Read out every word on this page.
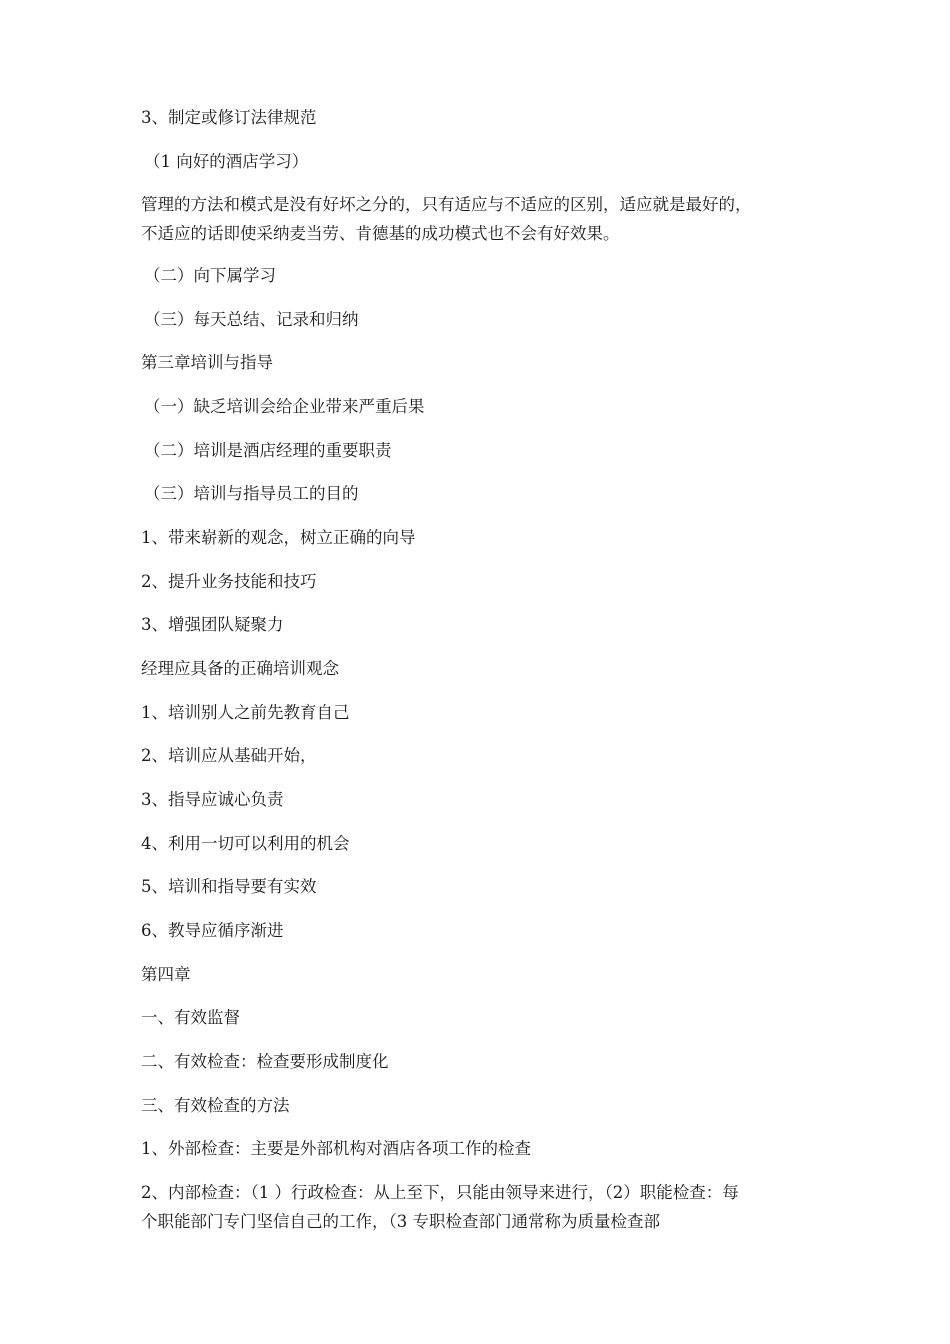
3、制定或修订法律规范
（1 向好的酒店学习）
管理的方法和模式是没有好坏之分的，只有适应与不适应的区别，适应就是最好的，
不适应的话即使采纳麦当劳、肯德基的成功模式也不会有好效果。
（二）向下属学习
（三）每天总结、记录和归纳
第三章培训与指导
（一）缺乏培训会给企业带来严重后果
（二）培训是酒店经理的重要职责
（三）培训与指导员工的目的
1、带来崭新的观念，树立正确的向导
2、提升业务技能和技巧
3、增强团队疑聚力
经理应具备的正确培训观念
1、培训别人之前先教育自己
2、培训应从基础开始，
3、指导应诚心负责
4、利用一切可以利用的机会
5、培训和指导要有实效
6、教导应循序渐进
第四章
一、有效监督
二、有效检查：检查要形成制度化
三、有效检查的方法
1、外部检查：主要是外部机构对酒店各项工作的检查
2、内部检查：（1 ）行政检查：从上至下，只能由领导来进行，（2）职能检查：每
个职能部门专门坚信自己的工作，（3 专职检查部门通常称为质量检查部
